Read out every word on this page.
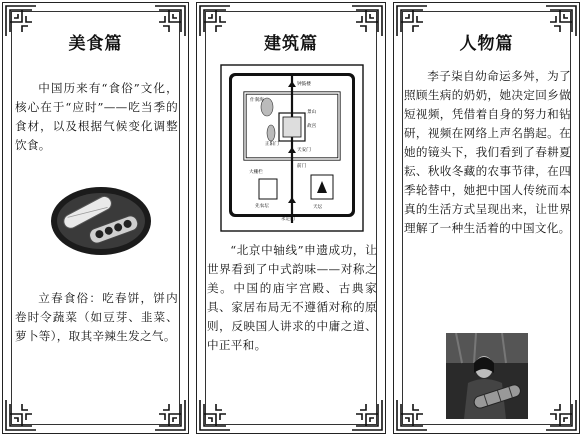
美食篇
中国历来有“食俗”文化，核心在于“应时”——吃当季的食材，以及根据气候变化调整饮食。
立春食俗：吃春饼，饼内卷时令蔬菜（如豆芽、韭菜、萝卜等），取其辛辣生发之气。
建筑篇
钟鼓楼
什刹海
景山
故宫
天安门
前门
天坛
先农坛
永定门
大栅栏
正阳门
“北京中轴线”申遗成功，让世界看到了中式韵味——对称之美。中国的庙宇宫殿、古典家具、家居布局无不遵循对称的原则，反映国人讲求的中庸之道、中正平和。
人物篇
李子柒自幼命运多舛，为了照顾生病的奶奶，她决定回乡做短视频，凭借着自身的努力和钻研，视频在网络上声名鹊起。在她的镜头下，我们看到了春耕夏耘、秋收冬藏的农事节律，在四季轮替中，她把中国人传统而本真的生活方式呈现出来，让世界理解了一种生活着的中国文化。
